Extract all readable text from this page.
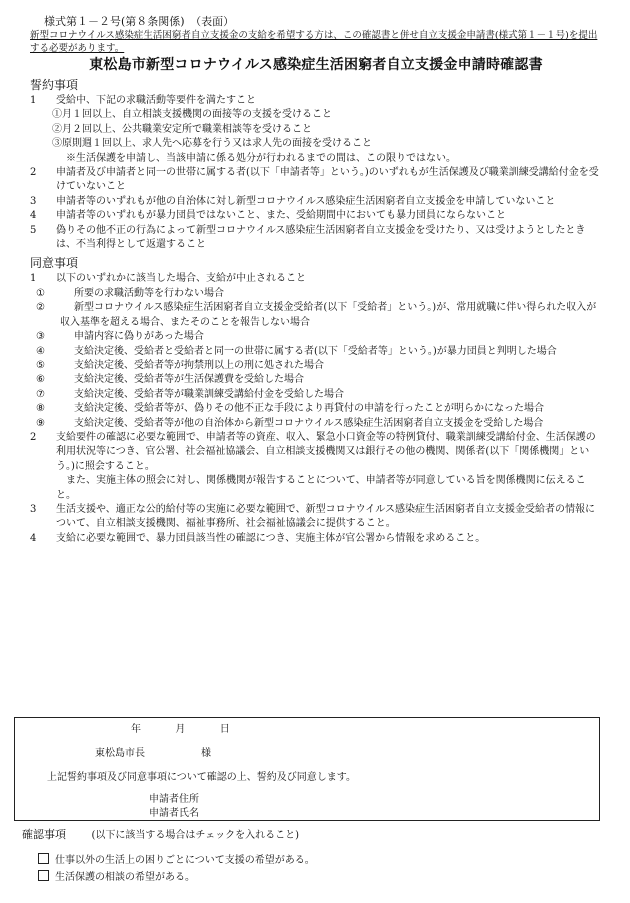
様式第１－２号(第８条関係)　（表面）
新型コロナウイルス感染症生活困窮者自立支援金の支給を希望する方は、この確認書と併せ自立支援金申請書(様式第１－１号)を提出する必要があります。
東松島市新型コロナウイルス感染症生活困窮者自立支援金申請時確認書
誓約事項
1	受給中、下記の求職活動等要件を満たすこと
①月１回以上、自立相談支援機関の面接等の支援を受けること
②月２回以上、公共職業安定所で職業相談等を受けること
③原則週１回以上、求人先へ応募を行う又は求人先の面接を受けること
※生活保護を申請し、当該申請に係る処分が行われるまでの間は、この限りではない。
2	申請者及び申請者と同一の世帯に属する者(以下「申請者等」という。)のいずれもが生活保護及び職業訓練受講給付金を受けていないこと
3	申請者等のいずれもが他の自治体に対し新型コロナウイルス感染症生活困窮者自立支援金を申請していないこと
4	申請者等のいずれもが暴力団員ではないこと、また、受給期間中においても暴力団員にならないこと
5	偽りその他不正の行為によって新型コロナウイルス感染症生活困窮者自立支援金を受けたり、又は受けようとしたときは、不当利得として返還すること
同意事項
1	以下のいずれかに該当した場合、支給が中止されること
①	所要の求職活動等を行わない場合
②	新型コロナウイルス感染症生活困窮者自立支援金受給者(以下「受給者」という。)が、常用就職に伴い得られた収入が収入基準を超える場合、またそのことを報告しない場合
③	申請内容に偽りがあった場合
④	支給決定後、受給者と受給者と同一の世帯に属する者(以下「受給者等」という。)が暴力団員と判明した場合
⑤	支給決定後、受給者等が拘禁刑以上の刑に処された場合
⑥	支給決定後、受給者等が生活保護費を受給した場合
⑦	支給決定後、受給者等が職業訓練受講給付金を受給した場合
⑧	支給決定後、受給者等が、偽りその他不正な手段により再貸付の申請を行ったことが明らかになった場合
⑨	支給決定後、受給者等が他の自治体から新型コロナウイルス感染症生活困窮者自立支援金を受給した場合
2	支給要件の確認に必要な範囲で、申請者等の資産、収入、緊急小口資金等の特例貸付、職業訓練受講給付金、生活保護の利用状況等につき、官公署、社会福祉協議会、自立相談支援機関又は銀行その他の機関、関係者(以下「関係機関」という。)に照会すること。
また、実施主体の照会に対し、関係機関が報告することについて、申請者等が同意している旨を関係機関に伝えること。
3	生活支援や、適正な公的給付等の実施に必要な範囲で、新型コロナウイルス感染症生活困窮者自立支援金受給者の情報について、自立相談支援機関、福祉事務所、社会福祉協議会に提供すること。
4	支給に必要な範囲で、暴力団員該当性の確認につき、実施主体が官公署から情報を求めること。
年	月	日
東松島市長	様
上記誓約事項及び同意事項について確認の上、誓約及び同意します。
申請者住所
申請者氏名
確認事項	(以下に該当する場合はチェックを入れること)
仕事以外の生活上の困りごとについて支援の希望がある。
生活保護の相談の希望がある。
